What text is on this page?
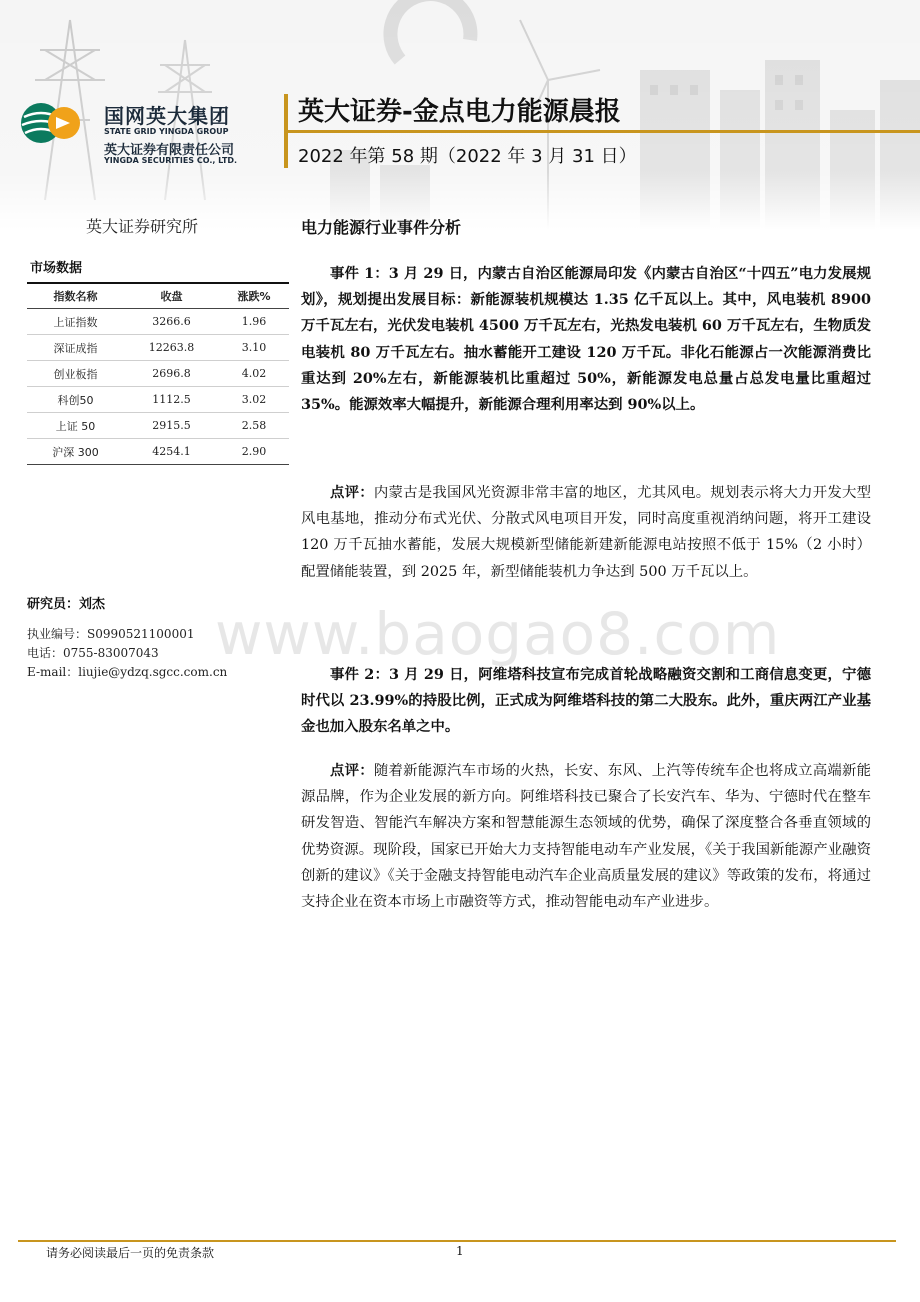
国网英大集团
STATE GRID YINGDA GROUP
英大证券有限责任公司
YINGDA SECURITIES CO., LTD.
英大证券-金点电力能源晨报
2022 年第 58 期（2022 年 3 月 31 日）
英大证券研究所
市场数据
指数名称	收盘	涨跌%
上证指数	3266.6	1.96
深证成指	12263.8	3.10
创业板指	2696.8	4.02
科创50	1112.5	3.02
上证 50	2915.5	2.58
沪深 300	4254.1	2.90
研究员：刘杰
执业编号：S0990521100001
电话：0755-83007043
E-mail：liujie@ydzq.sgcc.com.cn
电力能源行业事件分析

事件 1：3 月 29 日，内蒙古自治区能源局印发《内蒙古自治区“十四五”电力发展规划》，规划提出发展目标：新能源装机规模达 1.35 亿千瓦以上。其中，风电装机 8900 万千瓦左右，光伏发电装机 4500 万千瓦左右，光热发电装机 60 万千瓦左右，生物质发电装机 80 万千瓦左右。抽水蓄能开工建设 120 万千瓦。非化石能源占一次能源消费比重达到 20%左右，新能源装机比重超过 50%，新能源发电总量占总发电量比重超过 35%。能源效率大幅提升，新能源合理利用率达到 90%以上。

点评：内蒙古是我国风光资源非常丰富的地区，尤其风电。规划表示将大力开发大型风电基地，推动分布式光伏、分散式风电项目开发，同时高度重视消纳问题，将开工建设 120 万千瓦抽水蓄能，发展大规模新型储能新建新能源电站按照不低于 15%（2 小时）配置储能装置，到 2025 年，新型储能装机力争达到 500 万千瓦以上。

www.baogao8.com

事件 2：3 月 29 日，阿维塔科技宣布完成首轮战略融资交割和工商信息变更，宁德时代以 23.99%的持股比例，正式成为阿维塔科技的第二大股东。此外，重庆两江产业基金也加入股东名单之中。

点评：随着新能源汽车市场的火热，长安、东风、上汽等传统车企也将成立高端新能源品牌，作为企业发展的新方向。阿维塔科技已聚合了长安汽车、华为、宁德时代在整车研发智造、智能汽车解决方案和智慧能源生态领域的优势，确保了深度整合各垂直领域的优势资源。现阶段，国家已开始大力支持智能电动车产业发展，《关于我国新能源产业融资创新的建议》《关于金融支持智能电动汽车企业高质量发展的建议》等政策的发布，将通过支持企业在资本市场上市融资等方式，推动智能电动车产业进步。

请务必阅读最后一页的免责条款	1
